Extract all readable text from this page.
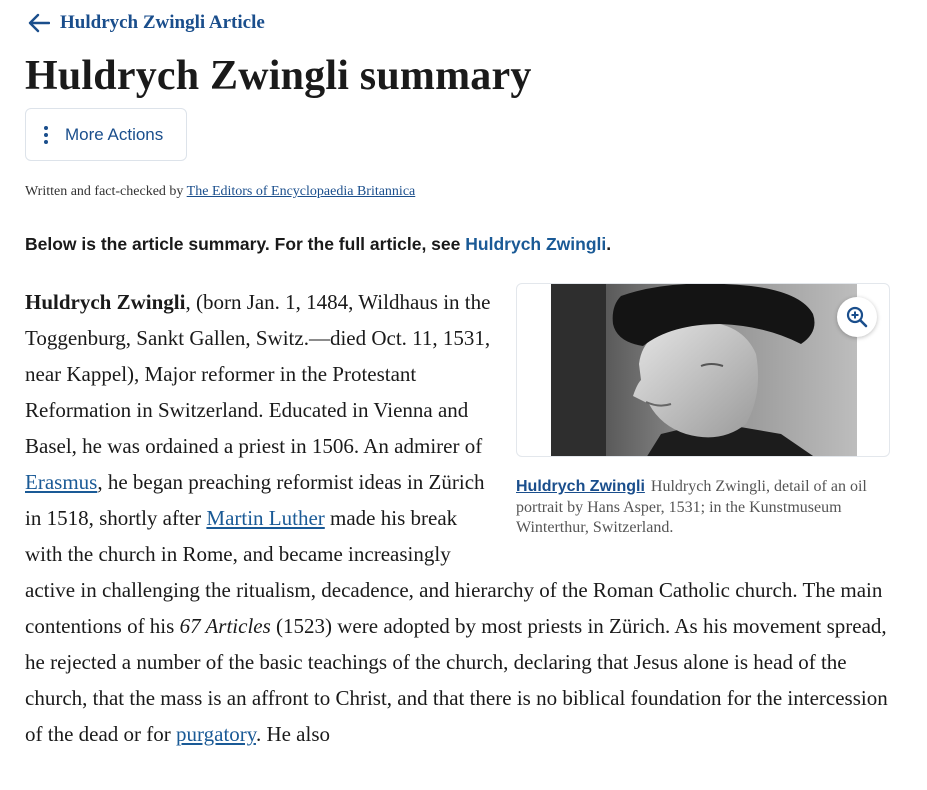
Huldrych Zwingli Article
Huldrych Zwingli summary
More Actions
Written and fact-checked by The Editors of Encyclopaedia Britannica
Below is the article summary. For the full article, see Huldrych Zwingli.

Huldrych Zwingli, (born Jan. 1, 1484, Wildhaus in the Toggenburg, Sankt Gallen, Switz.—died Oct. 11, 1531, near Kappel), Major reformer in the Protestant Reformation in Switzerland. Educated in Vienna and Basel, he was ordained a priest in 1506. An admirer of Erasmus, he began preaching reformist ideas in Zürich in 1518, shortly after Martin Luther made his break with the church in Rome, and became increasingly active in challenging the ritualism, decadence, and hierarchy of the Roman Catholic church. The main contentions of his 67 Articles (1523) were adopted by most priests in Zürich. As his movement spread, he rejected a number of the basic teachings of the church, declaring that Jesus alone is head of the church, that the mass is an affront to Christ, and that there is no biblical foundation for the intercession of the dead or for purgatory. He also

Huldrych Zwingli Huldrych Zwingli, detail of an oil portrait by Hans Asper, 1531; in the Kunstmuseum Winterthur, Switzerland.
